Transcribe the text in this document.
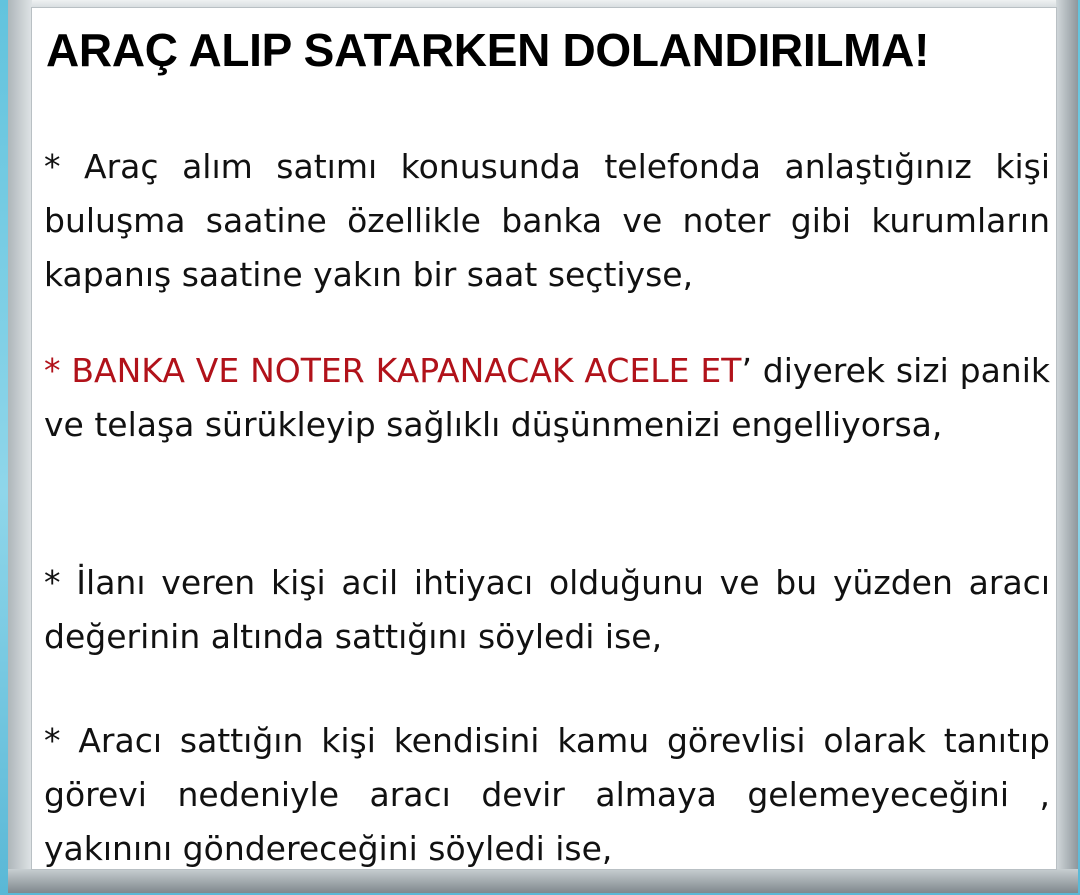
ARAÇ ALIP SATARKEN DOLANDIRILMA!

* Araç alım satımı konusunda telefonda anlaştığınız kişi buluşma saatine özellikle banka ve noter gibi kurumların kapanış saatine yakın bir saat seçtiyse,

* BANKA VE NOTER KAPANACAK ACELE ET’ diyerek sizi panik ve telaşa sürükleyip sağlıklı düşünmenizi engelliyorsa,

* İlanı veren kişi acil ihtiyacı olduğunu ve bu yüzden aracı değerinin altında sattığını söyledi ise,

* Aracı sattığın kişi kendisini kamu görevlisi olarak tanıtıp görevi nedeniyle aracı devir almaya gelemeyeceğini , yakınını göndereceğini söyledi ise,
